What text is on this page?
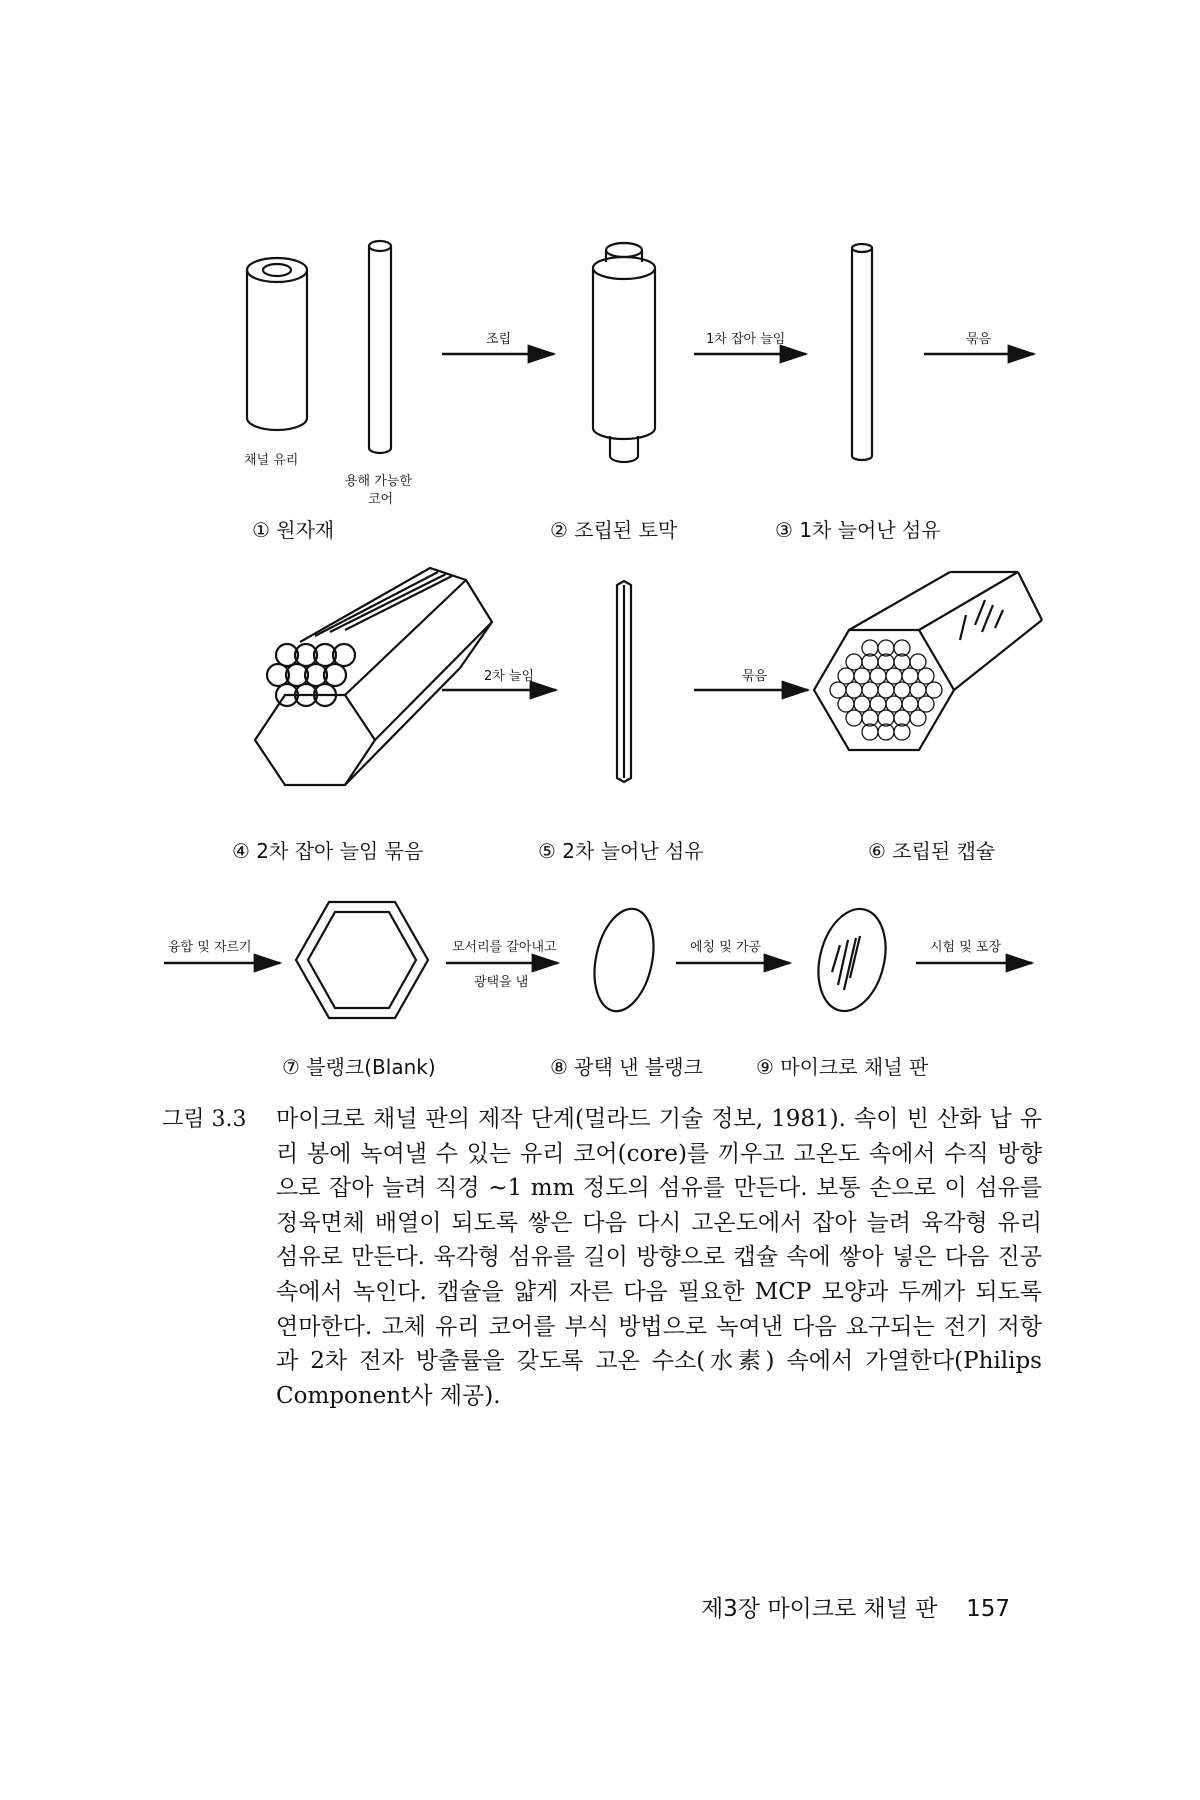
채널 유리
용해 가능한
코어
조립	1차 잡아 늘임	묶음
① 원자재	② 조립된 토막	③ 1차 늘어난 섬유
2차 늘임	묶음
④ 2차 잡아 늘임 묶음	⑤ 2차 늘어난 섬유	⑥ 조립된 캡슐
융합 및 자르기	모서리를 갈아내고
광택을 냄
에칭 및 가공	시험 및 포장
⑦ 블랭크(Blank)	⑧ 광택 낸 블랭크	⑨ 마이크로 채널 판
그림 3.3 마이크로 채널 판의 제작 단계(멀라드 기술 정보, 1981). 속이 빈 산화 납 유리 봉에 녹여낼 수 있는 유리 코어(core)를 끼우고 고온도 속에서 수직 방향으로 잡아 늘려 직경 ~1 mm 정도의 섬유를 만든다. 보통 손으로 이 섬유를 정육면체 배열이 되도록 쌓은 다음 다시 고온도에서 잡아 늘려 육각형 유리 섬유로 만든다. 육각형 섬유를 길이 방향으로 캡슐 속에 쌓아 넣은 다음 진공 속에서 녹인다. 캡슐을 얇게 자른 다음 필요한 MCP 모양과 두께가 되도록 연마한다. 고체 유리 코어를 부식 방법으로 녹여낸 다음 요구되는 전기 저항과 2차 전자 방출률을 갖도록 고온 수소(水素) 속에서 가열한다(Philips Component사 제공).
제3장 마이크로 채널 판 157
